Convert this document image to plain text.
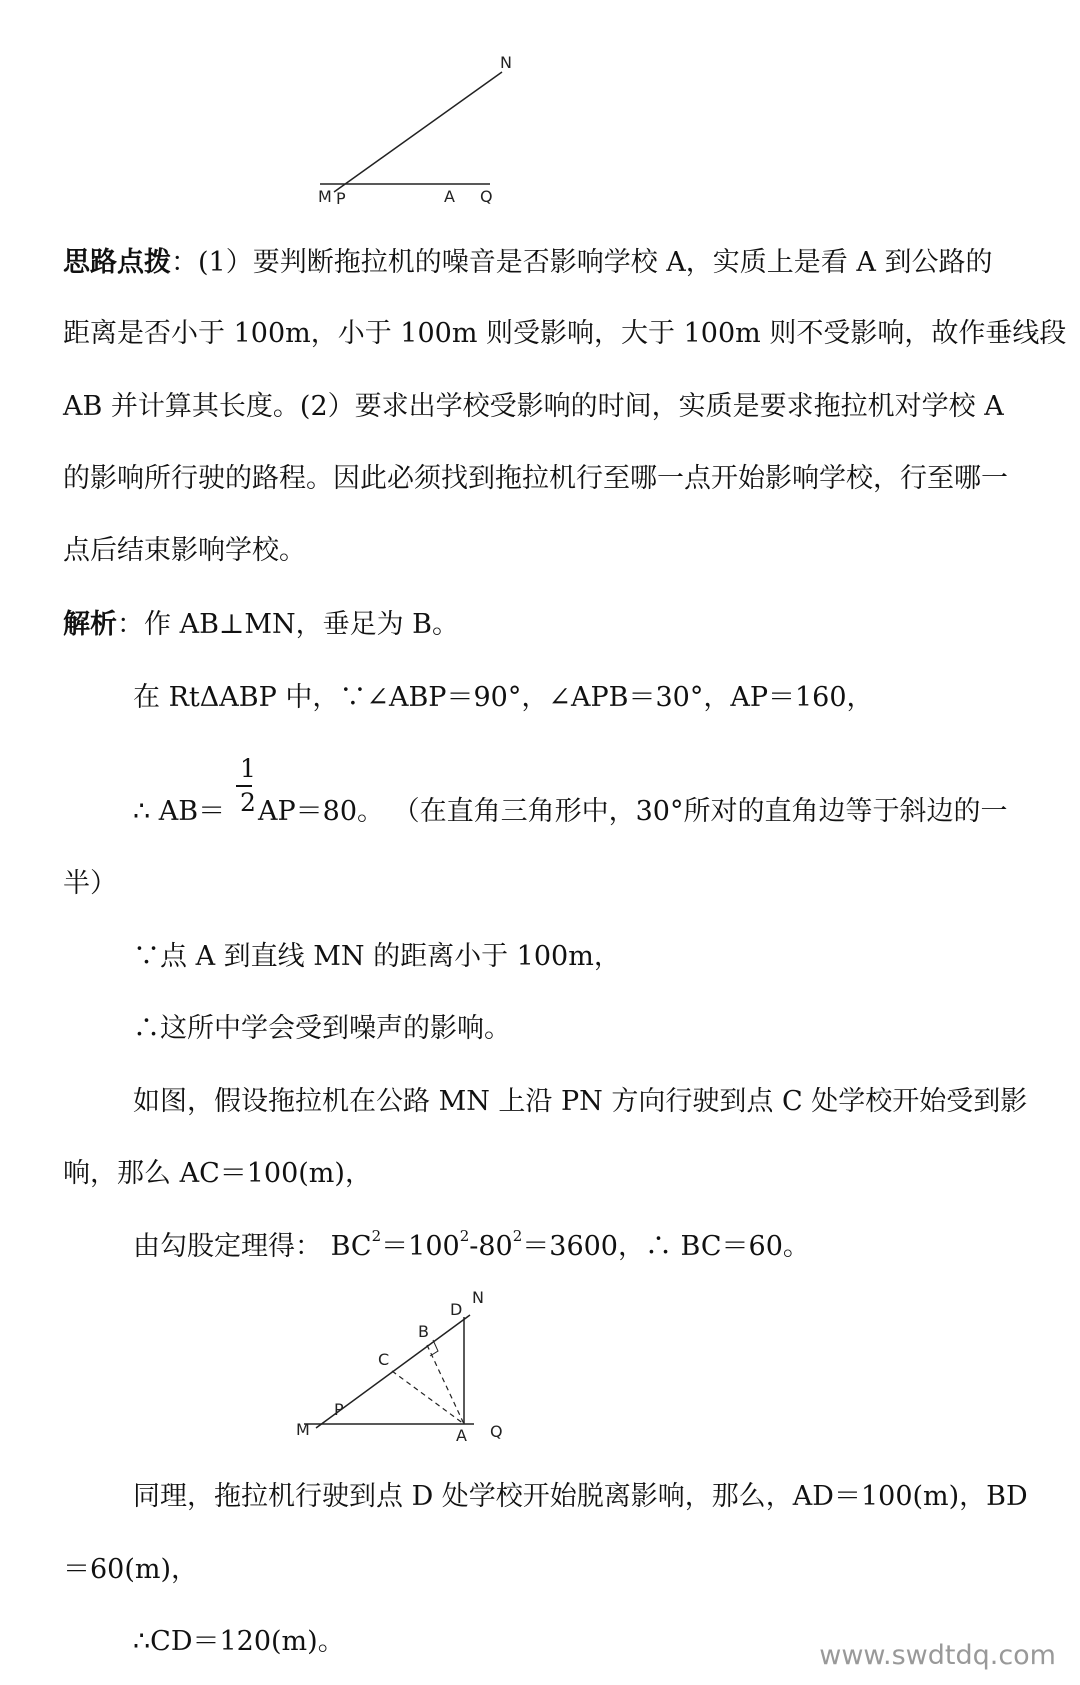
N
M P	A Q
思路点拨：(1）要判断拖拉机的噪音是否影响学校 A，实质上是看 A 到公路的
距离是否小于 100m，小于 100m 则受影响，大于 100m 则不受影响，故作垂线段
AB 并计算其长度。(2）要求出学校受影响的时间，实质是要求拖拉机对学校 A
的影响所行驶的路程。因此必须找到拖拉机行至哪一点开始影响学校，行至哪一
点后结束影响学校。
解析：作 AB⊥MN，垂足为 B。
在 RtΔABP 中，∵∠ABP＝90°，∠APB＝30°，AP＝160，
1
2
∴ AB＝ AP＝80。 （在直角三角形中，30°所对的直角边等于斜边的一
半）
∵点 A 到直线 MN 的距离小于 100m，
∴这所中学会受到噪声的影响。
如图，假设拖拉机在公路 MN 上沿 PN 方向行驶到点 C 处学校开始受到影
响，那么 AC＝100(m)，
由勾股定理得： $BC^2=100^2-80^2=3600$，∴ BC＝60。
N
D
B
C
P
M	A Q
同理，拖拉机行驶到点 D 处学校开始脱离影响，那么，AD＝100(m)，BD
＝60(m)，
∴CD＝120(m)。	www.swdtdq.com
